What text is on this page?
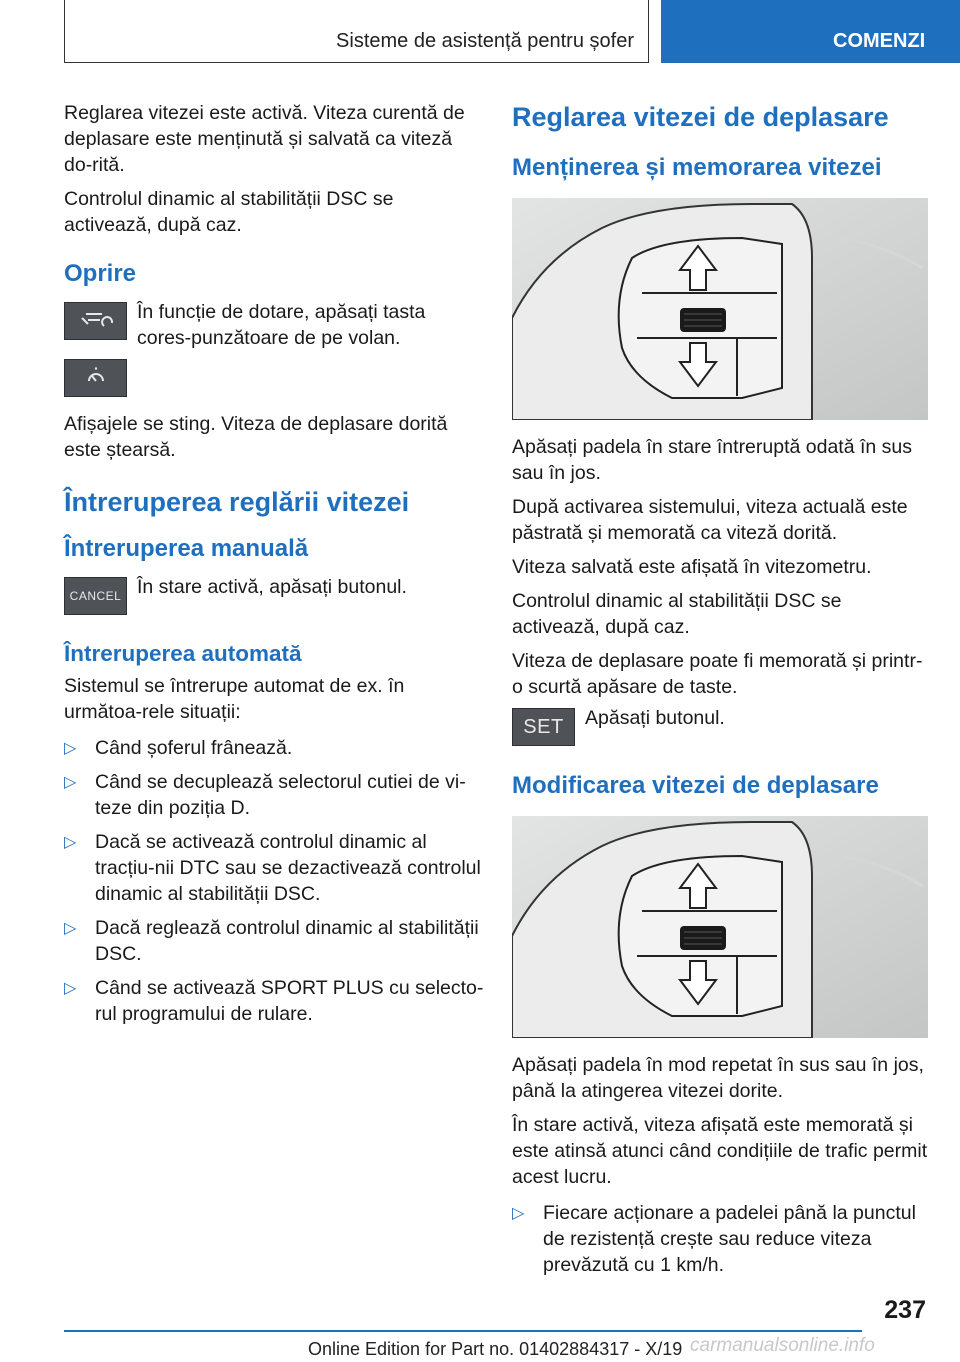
Sisteme de asistență pentru șofer	COMENZI

Reglarea vitezei este activă. Viteza curentă de deplasare este menținută și salvată ca viteză do-rită.

Controlul dinamic al stabilității DSC se activează, după caz.

Oprire
În funcție de dotare, apăsați tasta cores-punzătoare de pe volan.

Afișajele se sting. Viteza de deplasare dorită este ștearsă.

Întreruperea reglării vitezei
Întreruperea manuală
CANCEL În stare activă, apăsați butonul.
Întreruperea automată

Sistemul se întrerupe automat de ex. în următoa-rele situații:

▷ Când șoferul frânează.
▷ Când se decuplează selectorul cutiei de vi-teze din poziția D.
▷ Dacă se activează controlul dinamic al tracțiu-nii DTC sau se dezactivează controlul dinamic al stabilității DSC.
▷ Dacă reglează controlul dinamic al stabilității DSC.
▷ Când se activează SPORT PLUS cu selecto-rul programului de rulare.
Reglarea vitezei de deplasare
Menținerea și memorarea vitezei

Apăsați padela în stare întreruptă odată în sus sau în jos.

După activarea sistemului, viteza actuală este păstrată și memorată ca viteză dorită.

Viteza salvată este afișată în vitezometru.

Controlul dinamic al stabilității DSC se activează, după caz.

Viteza de deplasare poate fi memorată și printr-o scurtă apăsare de taste.

SET	Apăsați butonul.
Modificarea vitezei de deplasare

Apăsați padela în mod repetat în sus sau în jos, până la atingerea vitezei dorite.

În stare activă, viteza afișată este memorată și este atinsă atunci când condițiile de trafic permit acest lucru.

▷ Fiecare acționare a padelei până la punctul de rezistență crește sau reduce viteza prevăzută cu 1 km/h.
237
Online Edition for Part no. 01402884317 - X/19 carmanualsonline.info
